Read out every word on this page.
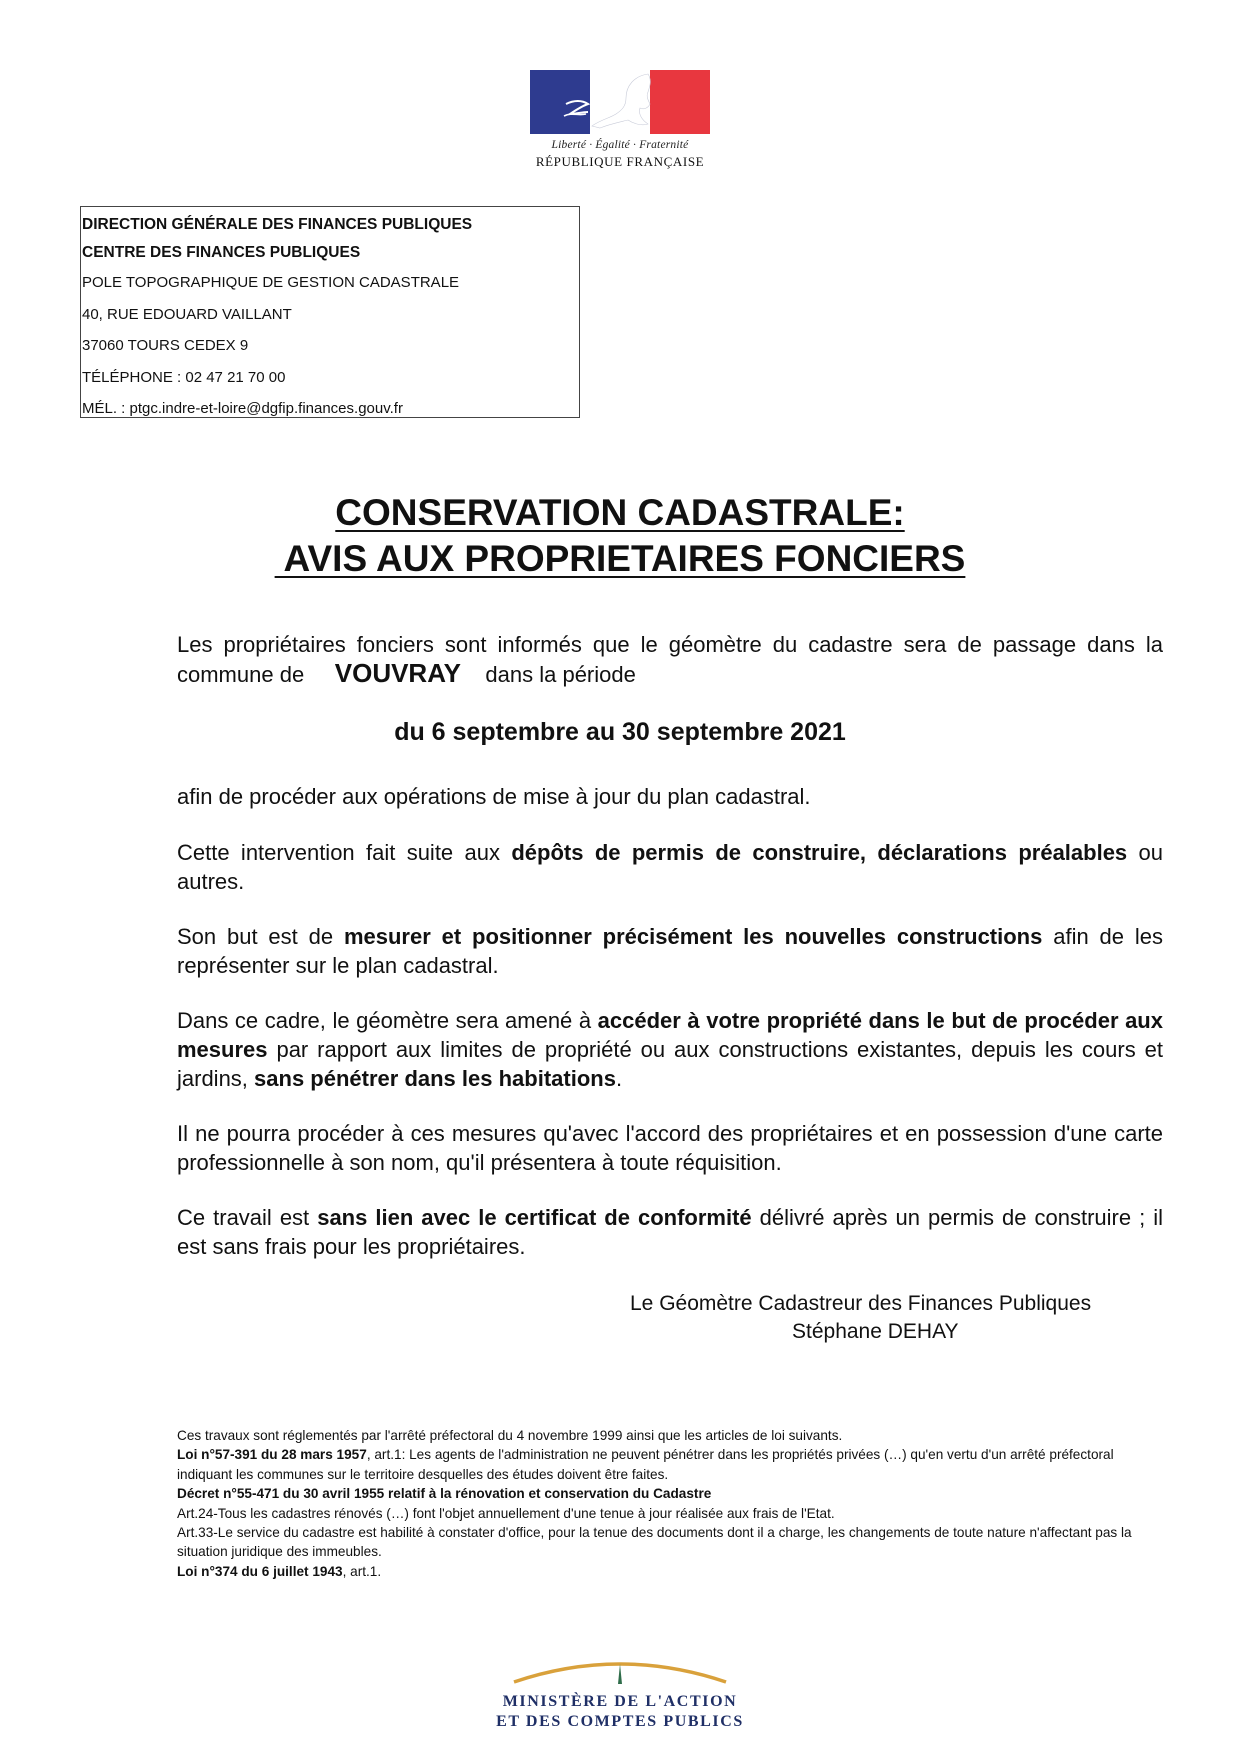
Liberté · Égalité · Fraternité
RÉPUBLIQUE FRANÇAISE
DIRECTION GÉNÉRALE DES FINANCES PUBLIQUES
CENTRE DES FINANCES PUBLIQUES
POLE TOPOGRAPHIQUE DE GESTION CADASTRALE
40, RUE EDOUARD VAILLANT
37060 TOURS CEDEX 9
TÉLÉPHONE : 02 47 21 70 00
MÉL. : ptgc.indre-et-loire@dgfip.finances.gouv.fr
CONSERVATION CADASTRALE:
AVIS AUX PROPRIETAIRES FONCIERS
Les propriétaires fonciers sont informés que le géomètre du cadastre sera de passage dans la commune de VOUVRAY dans la période
du 6 septembre au 30 septembre 2021
afin de procéder aux opérations de mise à jour du plan cadastral.
Cette intervention fait suite aux dépôts de permis de construire, déclarations préalables ou autres.
Son but est de mesurer et positionner précisément les nouvelles constructions afin de les représenter sur le plan cadastral.
Dans ce cadre, le géomètre sera amené à accéder à votre propriété dans le but de procéder aux mesures par rapport aux limites de propriété ou aux constructions existantes, depuis les cours et jardins, sans pénétrer dans les habitations.
Il ne pourra procéder à ces mesures qu'avec l'accord des propriétaires et en possession d'une carte professionnelle à son nom, qu'il présentera à toute réquisition.
Ce travail est sans lien avec le certificat de conformité délivré après un permis de construire ; il est sans frais pour les propriétaires.
Le Géomètre Cadastreur des Finances Publiques
Stéphane DEHAY
Ces travaux sont réglementés par l'arrêté préfectoral du 4 novembre 1999 ainsi que les articles de loi suivants.
Loi n°57-391 du 28 mars 1957, art.1: Les agents de l'administration ne peuvent pénétrer dans les propriétés privées (…) qu'en vertu d'un arrêté préfectoral indiquant les communes sur le territoire desquelles des études doivent être faites.
Décret n°55-471 du 30 avril 1955 relatif à la rénovation et conservation du Cadastre
Art.24-Tous les cadastres rénovés (…) font l'objet annuellement d'une tenue à jour réalisée aux frais de l'Etat.
Art.33-Le service du cadastre est habilité à constater d'office, pour la tenue des documents dont il a charge, les changements de toute nature n'affectant pas la situation juridique des immeubles.
Loi n°374 du 6 juillet 1943, art.1.
MINISTÈRE DE L'ACTION
ET DES COMPTES PUBLICS
